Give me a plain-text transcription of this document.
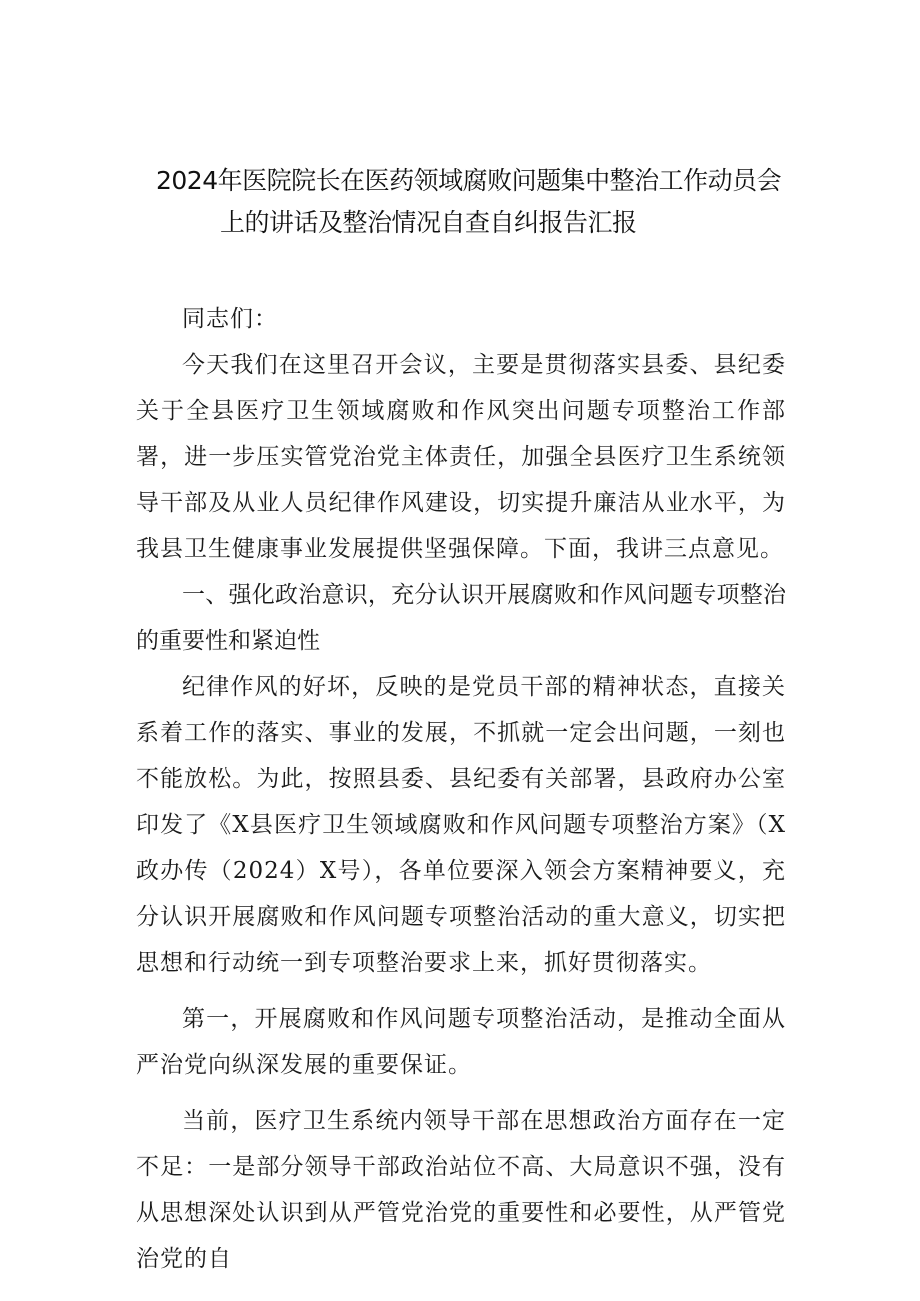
2024年医院院长在医药领域腐败问题集中整治工作动员会
上的讲话及整治情况自查自纠报告汇报

同志们：

今天我们在这里召开会议，主要是贯彻落实县委、县纪委关于全县医疗卫生领域腐败和作风突出问题专项整治工作部署，进一步压实管党治党主体责任，加强全县医疗卫生系统领导干部及从业人员纪律作风建设，切实提升廉洁从业水平，为我县卫生健康事业发展提供坚强保障。下面，我讲三点意见。

一、强化政治意识，充分认识开展腐败和作风问题专项整治的重要性和紧迫性

纪律作风的好坏，反映的是党员干部的精神状态，直接关系着工作的落实、事业的发展，不抓就一定会出问题，一刻也不能放松。为此，按照县委、县纪委有关部署，县政府办公室印发了《X县医疗卫生领域腐败和作风问题专项整治方案》（X政办传（2024）X号），各单位要深入领会方案精神要义，充分认识开展腐败和作风问题专项整治活动的重大意义，切实把思想和行动统一到专项整治要求上来，抓好贯彻落实。

第一，开展腐败和作风问题专项整治活动，是推动全面从严治党向纵深发展的重要保证。

当前，医疗卫生系统内领导干部在思想政治方面存在一定不足：一是部分领导干部政治站位不高、大局意识不强，没有从思想深处认识到从严管党治党的重要性和必要性，从严管党治党的自
